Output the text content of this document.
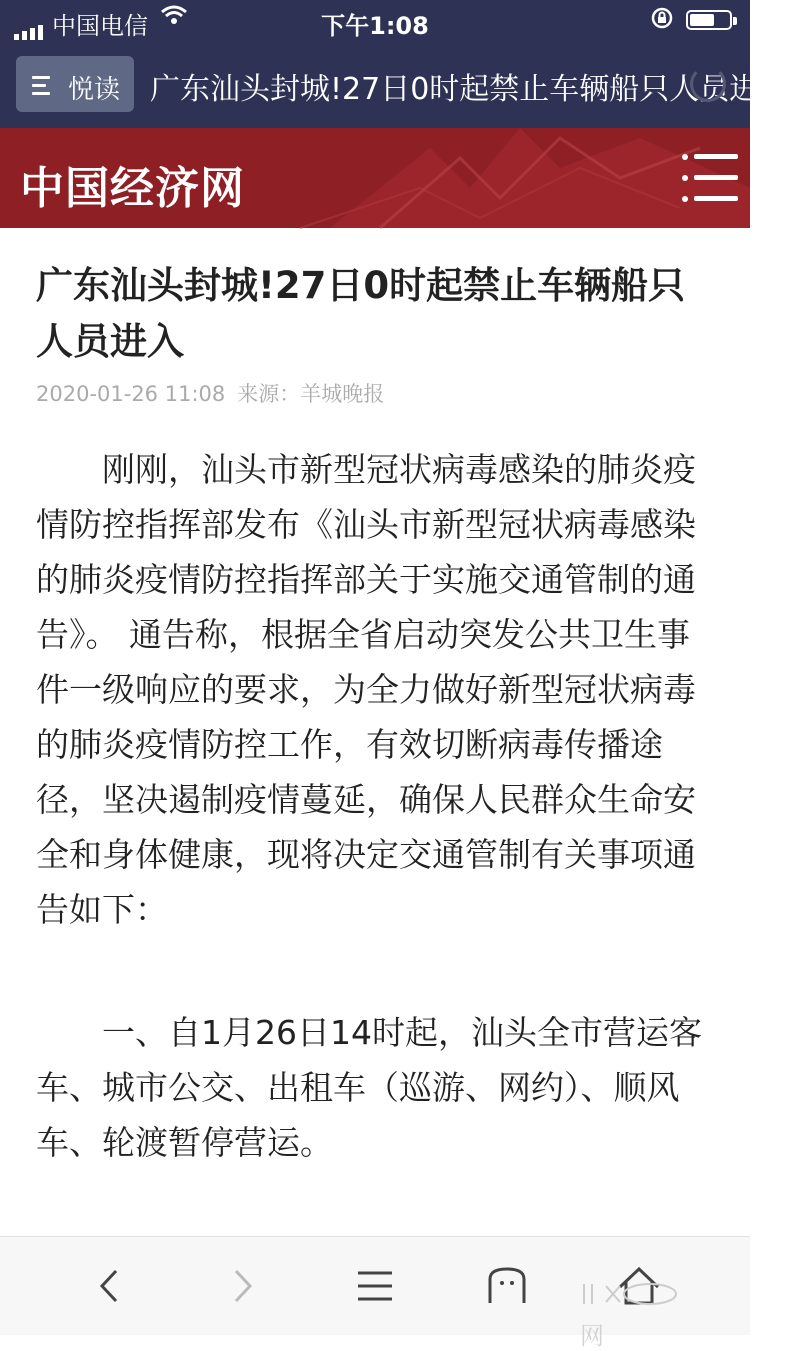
中国电信	下午1:08
悦读 广东汕头封城!27日0时起禁止车辆船只人员进入
中国经济网
广东汕头封城!27日0时起禁止车辆船只人员进入
2020-01-26 11:08 来源：羊城晚报
刚刚，汕头市新型冠状病毒感染的肺炎疫情防控指挥部发布《汕头市新型冠状病毒感染的肺炎疫情防控指挥部关于实施交通管制的通告》。 通告称，根据全省启动突发公共卫生事件一级响应的要求，为全力做好新型冠状病毒的肺炎疫情防控工作，有效切断病毒传播途径，坚决遏制疫情蔓延，确保人民群众生命安全和身体健康，现将决定交通管制有关事项通告如下：
一、自1月26日14时起，汕头全市营运客车、城市公交、出租车（巡游、网约）、顺风车、轮渡暂停营运。
网
